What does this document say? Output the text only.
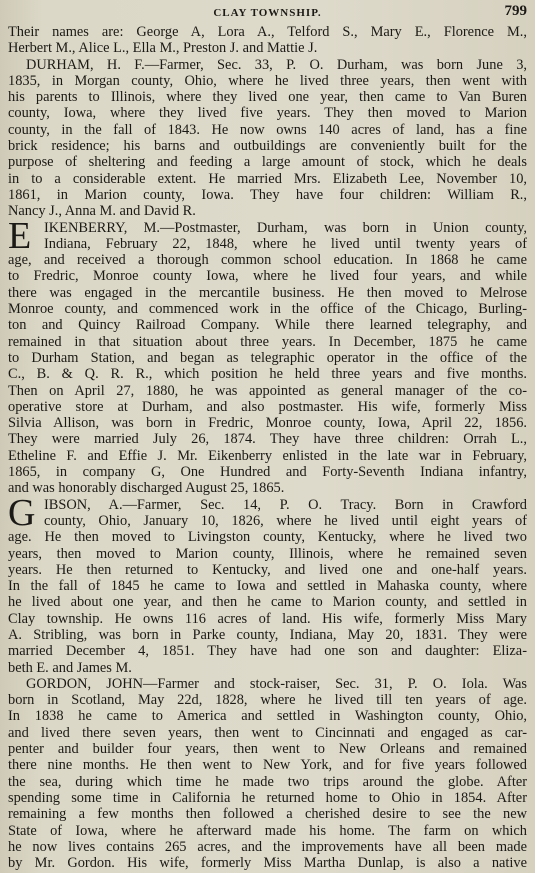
CLAY TOWNSHIP.	799
Their names are: George A, Lora A., Telford S., Mary E., Florence M.,
Herbert M., Alice L., Ella M., Preston J. and Mattie J.
DURHAM, H. F.—Farmer, Sec. 33, P. O. Durham, was born June 3,
1835, in Morgan county, Ohio, where he lived three years, then went with
his parents to Illinois, where they lived one year, then came to Van Buren
county, Iowa, where they lived five years. They then moved to Marion
county, in the fall of 1843. He now owns 140 acres of land, has a fine
brick residence; his barns and outbuildings are conveniently built for the
purpose of sheltering and feeding a large amount of stock, which he deals
in to a considerable extent. He married Mrs. Elizabeth Lee, November 10,
1861, in Marion county, Iowa. They have four children: William R.,
Nancy J., Anna M. and David R.
E IKENBERRY, M.—Postmaster, Durham, was born in Union county,
Indiana, February 22, 1848, where he lived until twenty years of
age, and received a thorough common school education. In 1868 he came
to Fredric, Monroe county Iowa, where he lived four years, and while
there was engaged in the mercantile business. He then moved to Melrose
Monroe county, and commenced work in the office of the Chicago, Burling-
ton and Quincy Railroad Company. While there learned telegraphy, and
remained in that situation about three years. In December, 1875 he came
to Durham Station, and began as telegraphic operator in the office of the
C., B. & Q. R. R., which position he held three years and five months.
Then on April 27, 1880, he was appointed as general manager of the co-
operative store at Durham, and also postmaster. His wife, formerly Miss
Silvia Allison, was born in Fredric, Monroe county, Iowa, April 22, 1856.
They were married July 26, 1874. They have three children: Orrah L.,
Etheline F. and Effie J. Mr. Eikenberry enlisted in the late war in February,
1865, in company G, One Hundred and Forty-Seventh Indiana infantry,
and was honorably discharged August 25, 1865.
G IBSON, A.—Farmer, Sec. 14, P. O. Tracy. Born in Crawford
county, Ohio, January 10, 1826, where he lived until eight years of
age. He then moved to Livingston county, Kentucky, where he lived two
years, then moved to Marion county, Illinois, where he remained seven
years. He then returned to Kentucky, and lived one and one-half years.
In the fall of 1845 he came to Iowa and settled in Mahaska county, where
he lived about one year, and then he came to Marion county, and settled in
Clay township. He owns 116 acres of land. His wife, formerly Miss Mary
A. Stribling, was born in Parke county, Indiana, May 20, 1831. They were
married December 4, 1851. They have had one son and daughter: Eliza-
beth E. and James M.
GORDON, JOHN—Farmer and stock-raiser, Sec. 31, P. O. Iola. Was
born in Scotland, May 22d, 1828, where he lived till ten years of age.
In 1838 he came to America and settled in Washington county, Ohio,
and lived there seven years, then went to Cincinnati and engaged as car-
penter and builder four years, then went to New Orleans and remained
there nine months. He then went to New York, and for five years followed
the sea, during which time he made two trips around the globe. After
spending some time in California he returned home to Ohio in 1854. After
remaining a few months then followed a cherished desire to see the new
State of Iowa, where he afterward made his home. The farm on which
he now lives contains 265 acres, and the improvements have all been made
by Mr. Gordon. His wife, formerly Miss Martha Dunlap, is also a native
